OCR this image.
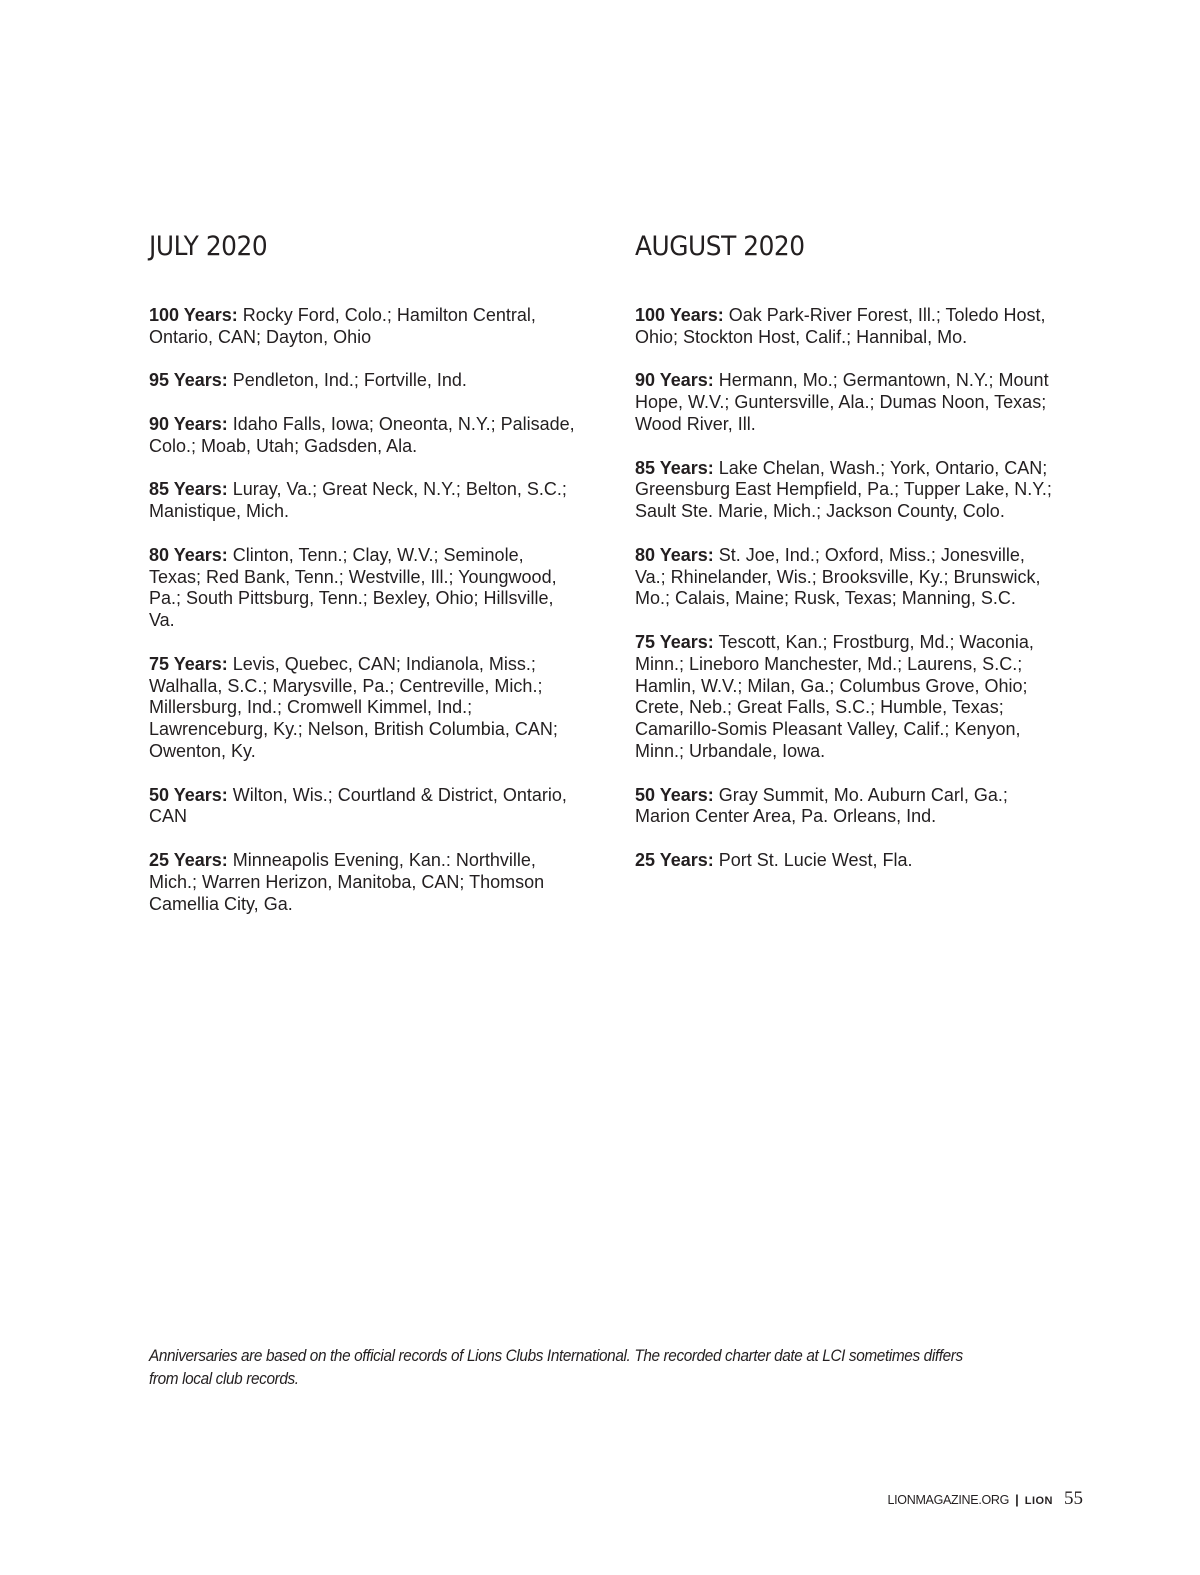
JULY 2020

100 Years: Rocky Ford, Colo.; Hamilton Central, Ontario, CAN; Dayton, Ohio

95 Years: Pendleton, Ind.; Fortville, Ind.

90 Years: Idaho Falls, Iowa; Oneonta, N.Y.; Palisade, Colo.; Moab, Utah; Gadsden, Ala.

85 Years: Luray, Va.; Great Neck, N.Y.; Belton, S.C.; Manistique, Mich.

80 Years: Clinton, Tenn.; Clay, W.V.; Seminole, Texas; Red Bank, Tenn.; Westville, Ill.; Youngwood, Pa.; South Pittsburg, Tenn.; Bexley, Ohio; Hillsville, Va.

75 Years: Levis, Quebec, CAN; Indianola, Miss.; Walhalla, S.C.; Marysville, Pa.; Centreville, Mich.; Millersburg, Ind.; Cromwell Kimmel, Ind.; Lawrenceburg, Ky.; Nelson, British Columbia, CAN; Owenton, Ky.

50 Years: Wilton, Wis.; Courtland & District, Ontario, CAN

25 Years: Minneapolis Evening, Kan.: Northville, Mich.; Warren Herizon, Manitoba, CAN; Thomson Camellia City, Ga.

AUGUST 2020

100 Years: Oak Park-River Forest, Ill.; Toledo Host, Ohio; Stockton Host, Calif.; Hannibal, Mo.

90 Years: Hermann, Mo.; Germantown, N.Y.; Mount Hope, W.V.; Guntersville, Ala.; Dumas Noon, Texas; Wood River, Ill.

85 Years: Lake Chelan, Wash.; York, Ontario, CAN; Greensburg East Hempfield, Pa.; Tupper Lake, N.Y.; Sault Ste. Marie, Mich.; Jackson County, Colo.

80 Years: St. Joe, Ind.; Oxford, Miss.; Jonesville, Va.; Rhinelander, Wis.; Brooksville, Ky.; Brunswick, Mo.; Calais, Maine; Rusk, Texas; Manning, S.C.

75 Years: Tescott, Kan.; Frostburg, Md.; Waconia, Minn.; Lineboro Manchester, Md.; Laurens, S.C.; Hamlin, W.V.; Milan, Ga.; Columbus Grove, Ohio; Crete, Neb.; Great Falls, S.C.; Humble, Texas; Camarillo-Somis Pleasant Valley, Calif.; Kenyon, Minn.; Urbandale, Iowa.

50 Years: Gray Summit, Mo. Auburn Carl, Ga.; Marion Center Area, Pa. Orleans, Ind.

25 Years: Port St. Lucie West, Fla.

Anniversaries are based on the official records of Lions Clubs International. The recorded charter date at LCI sometimes differs from local club records.

LIONMAGAZINE.ORG | LION 55
